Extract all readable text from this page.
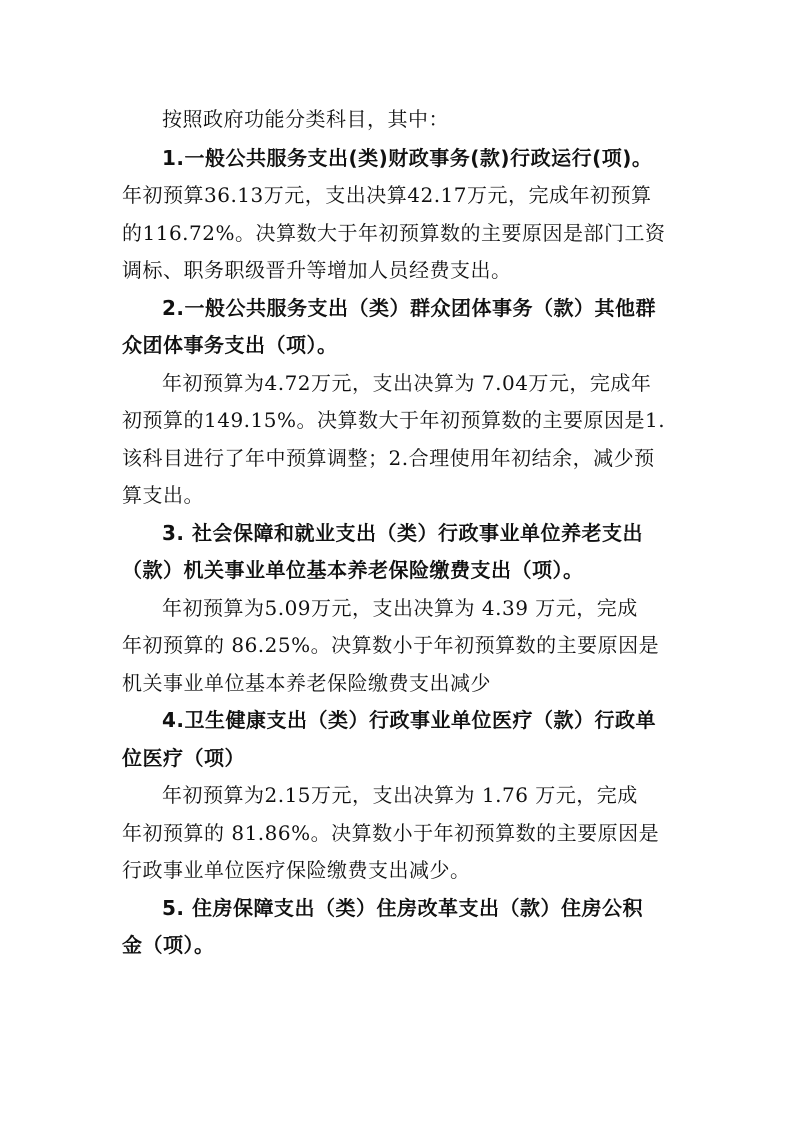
按照政府功能分类科目，其中：
1.一般公共服务支出(类)财政事务(款)行政运行(项)。
年初预算36.13万元，支出决算42.17万元，完成年初预算
的116.72%。决算数大于年初预算数的主要原因是部门工资
调标、职务职级晋升等增加人员经费支出。
2.一般公共服务支出（类）群众团体事务（款）其他群
众团体事务支出（项）。
年初预算为4.72万元，支出决算为 7.04万元，完成年
初预算的149.15%。决算数大于年初预算数的主要原因是1.
该科目进行了年中预算调整；2.合理使用年初结余，减少预
算支出。
3. 社会保障和就业支出（类）行政事业单位养老支出
（款）机关事业单位基本养老保险缴费支出（项）。
年初预算为5.09万元，支出决算为 4.39 万元，完成
年初预算的 86.25%。决算数小于年初预算数的主要原因是
机关事业单位基本养老保险缴费支出减少
4.卫生健康支出（类）行政事业单位医疗（款）行政单
位医疗（项）
年初预算为2.15万元，支出决算为 1.76 万元，完成
年初预算的 81.86%。决算数小于年初预算数的主要原因是
行政事业单位医疗保险缴费支出减少。
5. 住房保障支出（类）住房改革支出（款）住房公积
金（项）。
